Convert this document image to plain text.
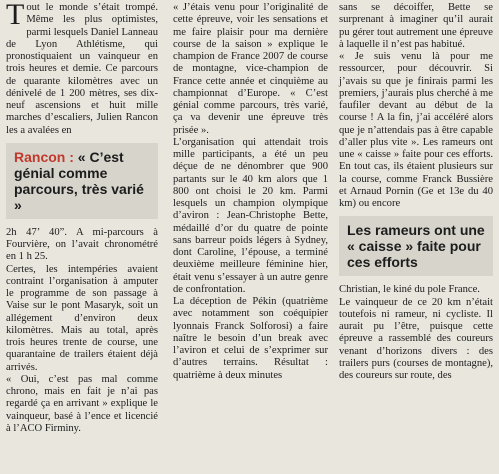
Tout le monde s’était trompé. Même les plus optimistes, parmi lesquels Daniel Lanneau de Lyon Athlétisme, qui pronostiquaient un vainqueur en trois heures et demie. Ce parcours de quarante kilomètres avec un dénivelé de 1 200 mètres, ses dix-neuf ascensions et huit mille marches d’escaliers, Julien Rancon les a avalées en

Rancon : « C’est génial comme parcours, très varié »

2h 47’ 40”. A mi-parcours à Fourvière, on l’avait chronométré en 1 h 25.

Certes, les intempéries avaient contraint l’organisation à amputer le programme de son passage à Vaise sur le pont Masaryk, soit un allégement d’environ deux kilomètres. Mais au total, après trois heures trente de course, une quarantaine de trailers étaient déjà arrivés.

« Oui, c’est pas mal comme chrono, mais en fait je n’ai pas regardé ça en arrivant » explique le vainqueur, basé à l’ence et licencié à l’ACO Firminy.

« J’étais venu pour l’originalité de cette épreuve, voir les sensations et me faire plaisir pour ma dernière course de la saison » explique le champion de France 2007 de course de montagne, vice-champion de France cette année et cinquième au championnat d’Europe. « C’est génial comme parcours, très varié, ça va devenir une épreuve très prisée ».

L’organisation qui attendait trois mille participants, a été un peu déçue de ne dénombrer que 900 partants sur le 40 km alors que 1 800 ont choisi le 20 km. Parmi lesquels un champion olympique d’aviron : Jean-Christophe Bette, médaillé d’or du quatre de pointe sans barreur poids légers à Sydney, dont Caroline, l’épouse, a terminé deuxième meilleure féminine hier, était venu s’essayer à un autre genre de confrontation.

La déception de Pékin (quatrième avec notamment son coéquipier lyonnais Franck Solforosi) a faire naître le besoin d’un break avec l’aviron et celui de s’exprimer sur d’autres terrains. Résultat : quatrième à deux minutes

sans se décoiffer, Bette se surprenant à imaginer qu’il aurait pu gérer tout autrement une épreuve à laquelle il n’est pas habitué.

« Je suis venu là pour me ressourcer, pour découvrir. Si j’avais su que je finirais parmi les premiers, j’aurais plus cherché à me faufiler devant au début de la course ! A la fin, j’ai accéléré alors que je n’attendais pas à être capable d’aller plus vite ». Les rameurs ont une « caisse » faite pour ces efforts. En tout cas, ils étaient plusieurs sur la course, comme Franck Bussière et Arnaud Pornin (Ge et 13e du 40 km) ou encore

Les rameurs ont une « caisse » faite pour ces efforts

Christian, le kiné du pole France.

Le vainqueur de ce 20 km n’était toutefois ni rameur, ni cycliste. Il aurait pu l’être, puisque cette épreuve a rassemblé des coureurs venant d’horizons divers : des trailers purs (courses de montagne), des coureurs sur route, des
